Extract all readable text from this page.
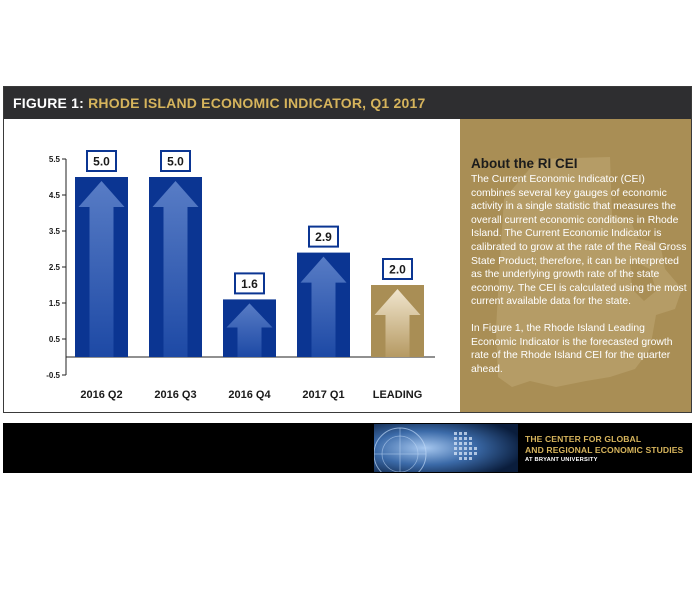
FIGURE 1: RHODE ISLAND ECONOMIC INDICATOR, Q1 2017
5.5
4.5
3.5
2.5
1.5
0.5
-0.5
5.0
2016 Q2
5.0
2016 Q3
1.6
2016 Q4
2.9
2017 Q1
2.0
LEADING
About the RI CEI
The Current Economic Indicator (CEI) combines several key gauges of economic activity in a single statistic that measures the overall current economic conditions in Rhode Island. The Current Economic Indicator is calibrated to grow at the rate of the Real Gross State Product; therefore, it can be interpreted as the underlying growth rate of the state economy. The CEI is calculated using the most current available data for the state.
In Figure 1, the Rhode Island Leading Economic Indicator is the forecasted growth rate of the Rhode Island CEI for the quarter ahead.
THE CENTER FOR GLOBAL
AND REGIONAL ECONOMIC STUDIES
AT BRYANT UNIVERSITY
